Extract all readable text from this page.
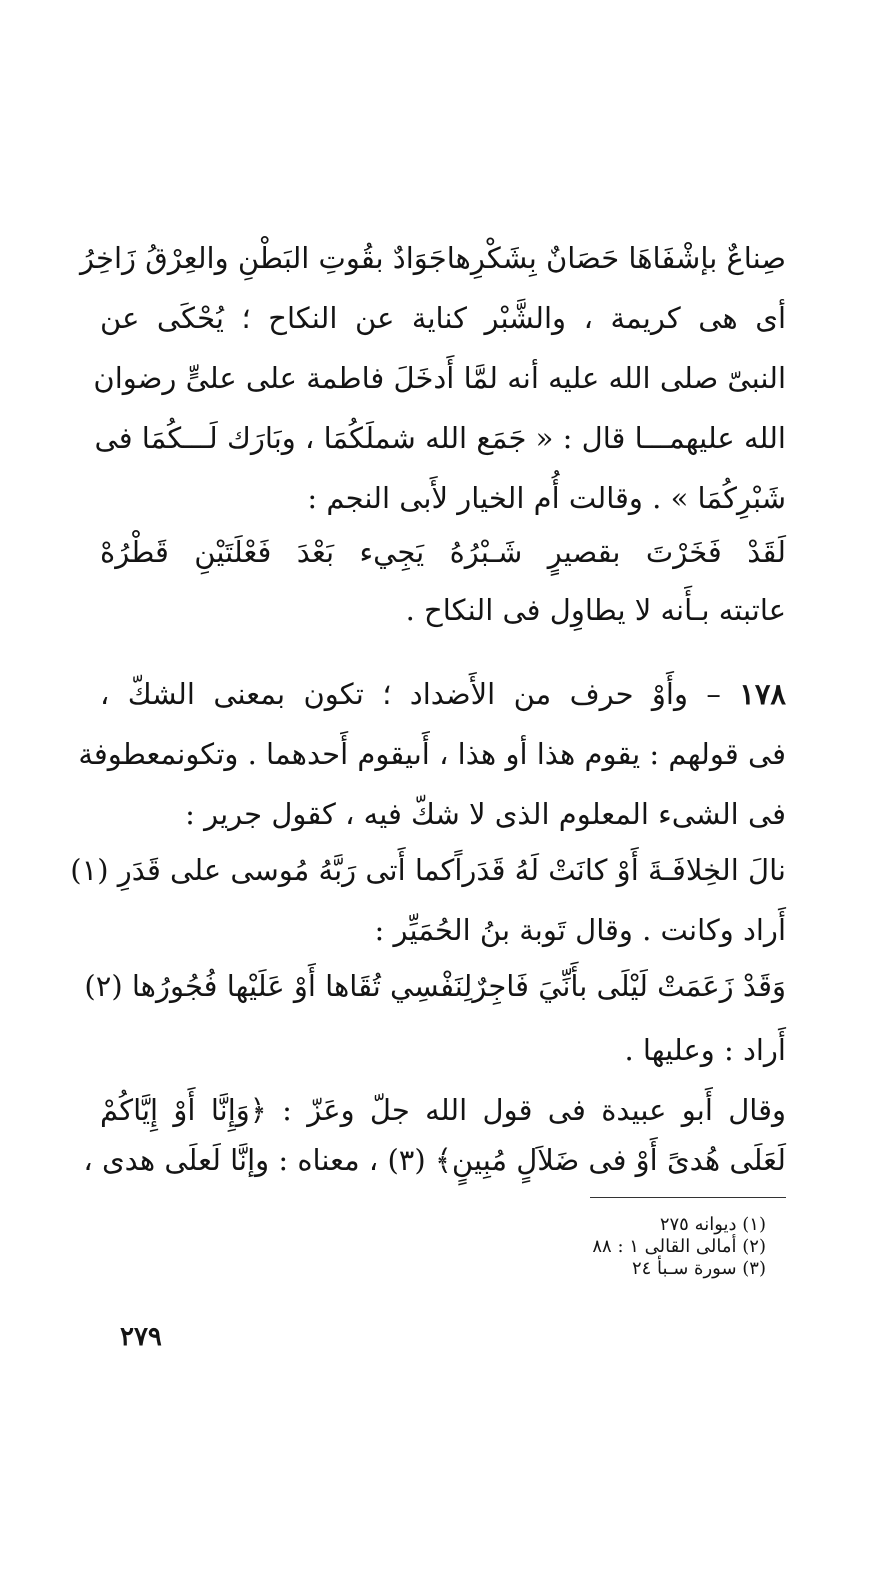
صِناعٌ بإشْفَاهَا حَصَانٌ بِشَكْرِها
جَوَادٌ بقُوتِ البَطْنِ والعِرْقُ زَاخِرُ
أى هى كريمة ، والشَّبْر كناية عن النكاح ؛ يُحْكَى عن
النبىّ صلى الله عليه أنه لمَّا أَدخَلَ فاطمة على علىٍّ رضوان
الله عليهمـــا قال : « جَمَع الله شملَكُمَا ، وبَارَك لَـــكُمَا فى
شَبْرِكُمَا » . وقالت أُم الخيار لأَبى النجم :
لَقَدْ فَخَرْتَ بقصيرٍ شَـبْرُهُ يَجِيء بَعْدَ فَعْلَتَيْنِ قَطْرُهْ
عاتبته بـأَنه لا يطاوِل فى النكاح .
١٧٨ – وأَوْ حرف من الأَضداد ؛ تكون بمعنى الشكّ ،
فى قولهم : يقوم هذا أو هذا ، أَىيقوم أَحدهما . وتكونمعطوفة
فى الشىء المعلوم الذى لا شكّ فيه ، كقول جرير :
نالَ الخِلافَـةَ أَوْ كانَتْ لَهُ قَدَراً
كما أَتى رَبَّهُ مُوسى على قَدَرِ (١)
أَراد وكانت . وقال تَوبة بنُ الحُمَيِّر :
وَقَدْ زَعَمَتْ لَيْلَى بأَنِّيَ فَاجِرٌ
لِنَفْسِي تُقَاها أَوْ عَلَيْها فُجُورُها (٢)
أَراد : وعليها .
وقال أَبو عبيدة فى قول الله جلّ وعَزّ : ﴿وَإِنَّا أَوْ إِيَّاكُمْ
لَعَلَى هُدىً أَوْ فى ضَلاَلٍ مُبِينٍ﴾ (٣) ، معناه : وإنَّا لَعلَى هدى ،
(١) ديوانه ٢٧٥
(٢) أمالى القالى ١ : ٨٨
(٣) سورة سـبأ ٢٤
٢٧٩
